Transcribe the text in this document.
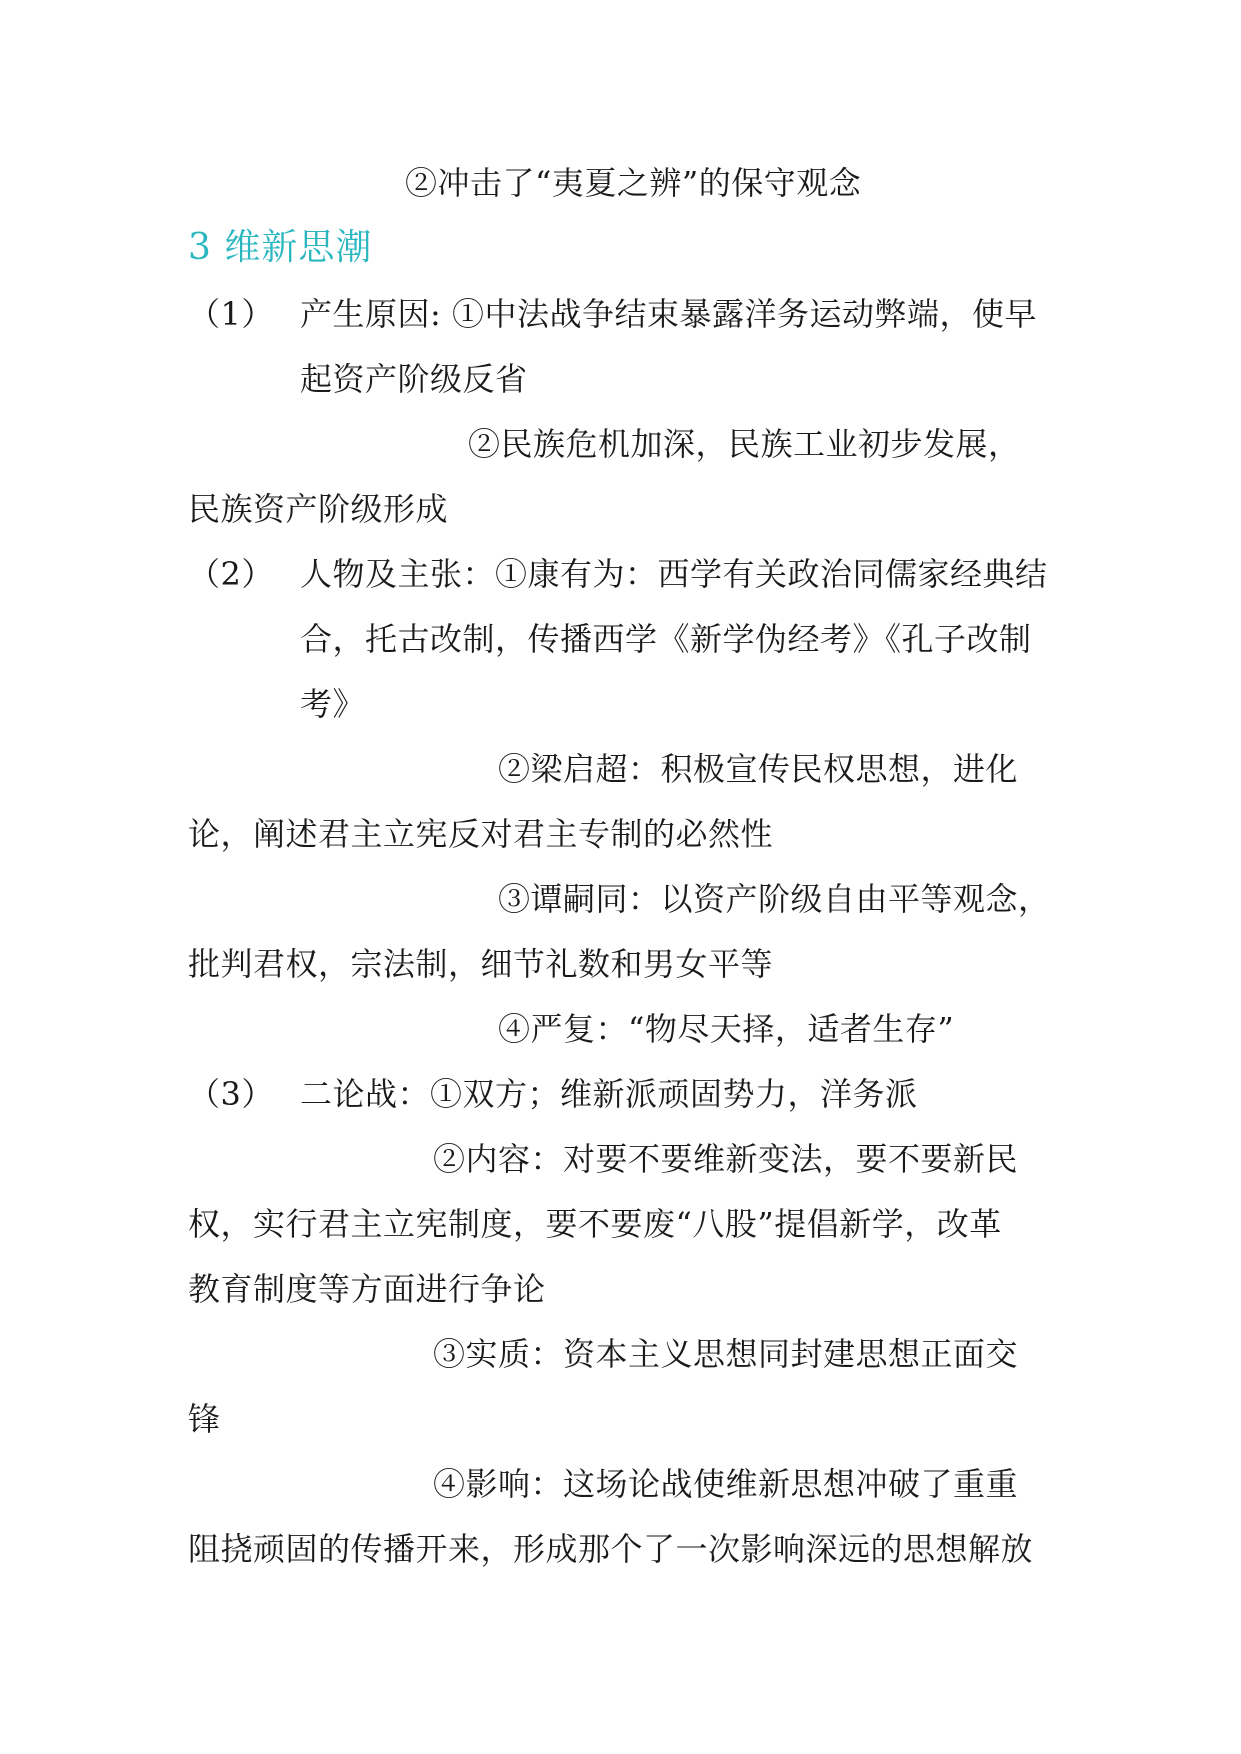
②冲击了“夷夏之辨”的保守观念
3 维新思潮
（1） 产生原因: ①中法战争结束暴露洋务运动弊端，使早
起资产阶级反省
②民族危机加深，民族工业初步发展，
民族资产阶级形成
（2） 人物及主张：①康有为：西学有关政治同儒家经典结
合，托古改制，传播西学《新学伪经考》《孔子改制
考》
②梁启超：积极宣传民权思想，进化
论，阐述君主立宪反对君主专制的必然性
③谭嗣同：以资产阶级自由平等观念，
批判君权，宗法制，细节礼数和男女平等
④严复：“物尽天择，适者生存”
（3） 二论战：①双方；维新派顽固势力，洋务派
②内容：对要不要维新变法，要不要新民
权，实行君主立宪制度，要不要废“八股”提倡新学，改革
教育制度等方面进行争论
③实质：资本主义思想同封建思想正面交
锋
④影响：这场论战使维新思想冲破了重重
阻挠顽固的传播开来，形成那个了一次影响深远的思想解放
